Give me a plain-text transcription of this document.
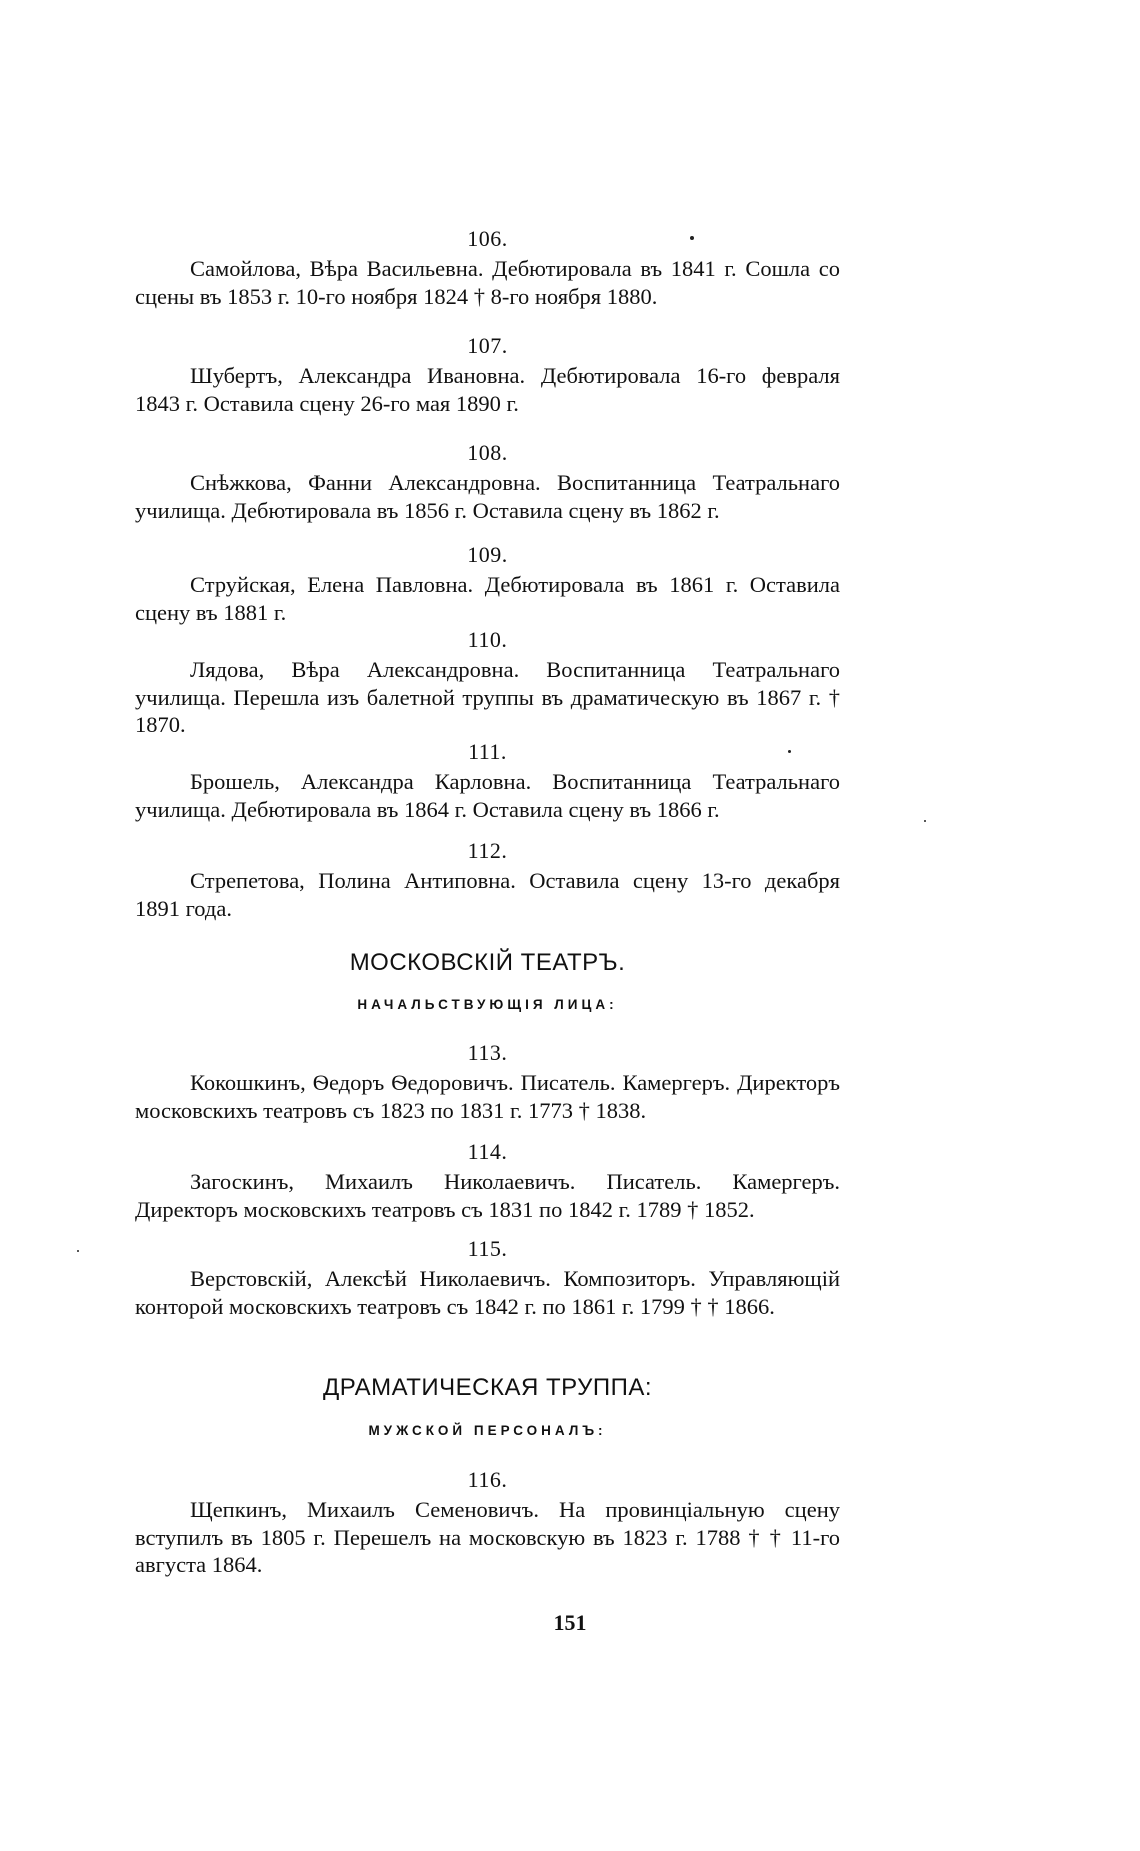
106.

Самойлова, Вѣра Васильевна. Дебютировала въ 1841 г. Сошла со сцены въ 1853 г. 10-го ноября 1824 † 8-го ноября 1880.

107.

Шубертъ, Александра Ивановна. Дебютировала 16-го февраля 1843 г. Оставила сцену 26-го мая 1890 г.

108.

Снѣжкова, Фанни Александровна. Воспитанница Театральнаго училища. Дебютировала въ 1856 г. Оставила сцену въ 1862 г.

109.

Струйская, Елена Павловна. Дебютировала въ 1861 г. Оставила сцену въ 1881 г.

110.

Лядова, Вѣра Александровна. Воспитанница Театральнаго училища. Перешла изъ балетной труппы въ драматическую въ 1867 г. † 1870.

111.

Брошель, Александра Карловна. Воспитанница Театральнаго училища. Дебютировала въ 1864 г. Оставила сцену въ 1866 г.

112.

Стрепетова, Полина Антиповна. Оставила сцену 13-го декабря 1891 года.

МОСКОВСКІЙ ТЕАТРЪ.
НАЧАЛЬСТВУЮЩІЯ ЛИЦА:
113.

Кокошкинъ, Ѳедоръ Ѳедоровичъ. Писатель. Камергеръ. Директоръ московскихъ театровъ съ 1823 по 1831 г. 1773 † 1838.

114.

Загоскинъ, Михаилъ Николаевичъ. Писатель. Камергеръ. Директоръ московскихъ театровъ съ 1831 по 1842 г. 1789 † 1852.

115.

Верстовскій, Алексѣй Николаевичъ. Композиторъ. Управляющій конторой московскихъ театровъ съ 1842 г. по 1861 г. 1799 † † 1866.

ДРАМАТИЧЕСКАЯ ТРУППА:
МУЖСКОЙ ПЕРСОНАЛЪ:
116.

Щепкинъ, Михаилъ Семеновичъ. На провинціальную сцену вступилъ въ 1805 г. Перешелъ на московскую въ 1823 г. 1788 † † 11-го августа 1864.

151
